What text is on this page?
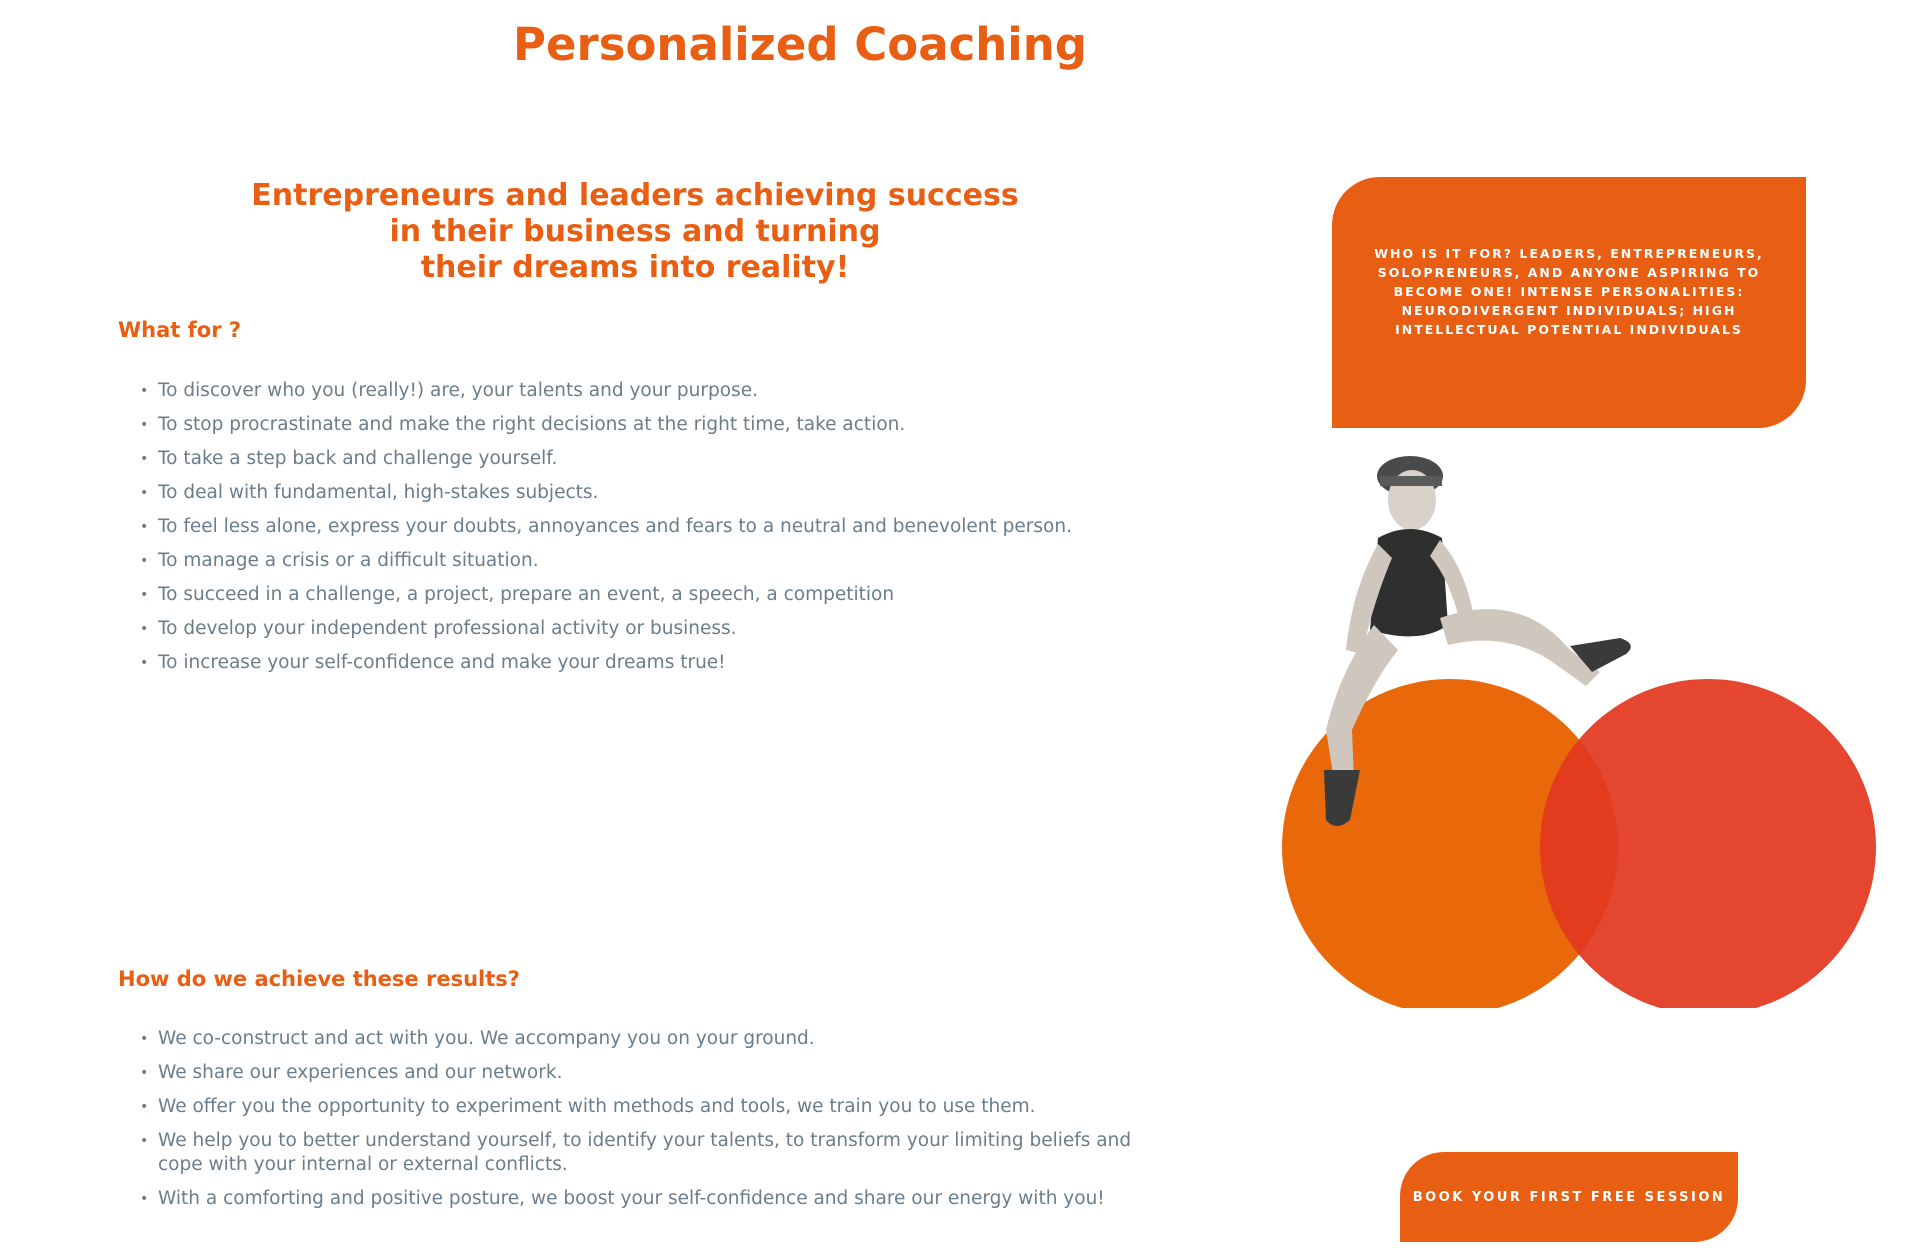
Personalized Coaching
Entrepreneurs and leaders achieving success
in their business and turning
their dreams into reality!
What for ?
• To discover who you (really!) are, your talents and your purpose.
• To stop procrastinate and make the right decisions at the right time, take action.
• To take a step back and challenge yourself.
• To deal with fundamental, high-stakes subjects.
• To feel less alone, express your doubts, annoyances and fears to a neutral and benevolent person.
• To manage a crisis or a difficult situation.
• To succeed in a challenge, a project, prepare an event, a speech, a competition
• To develop your independent professional activity or business.
• To increase your self-confidence and make your dreams true!
How do we achieve these results?
• We co-construct and act with you. We accompany you on your ground.
• We share our experiences and our network.
• We offer you the opportunity to experiment with methods and tools, we train you to use them.
• We help you to better understand yourself, to identify your talents, to transform your limiting beliefs and cope with your internal or external conflicts.
• With a comforting and positive posture, we boost your self-confidence and share our energy with you!

WHO IS IT FOR? LEADERS, ENTREPRENEURS, SOLOPRENEURS, AND ANYONE ASPIRING TO BECOME ONE! INTENSE PERSONALITIES: NEURODIVERGENT INDIVIDUALS; HIGH INTELLECTUAL POTENTIAL INDIVIDUALS

BOOK YOUR FIRST FREE SESSION
